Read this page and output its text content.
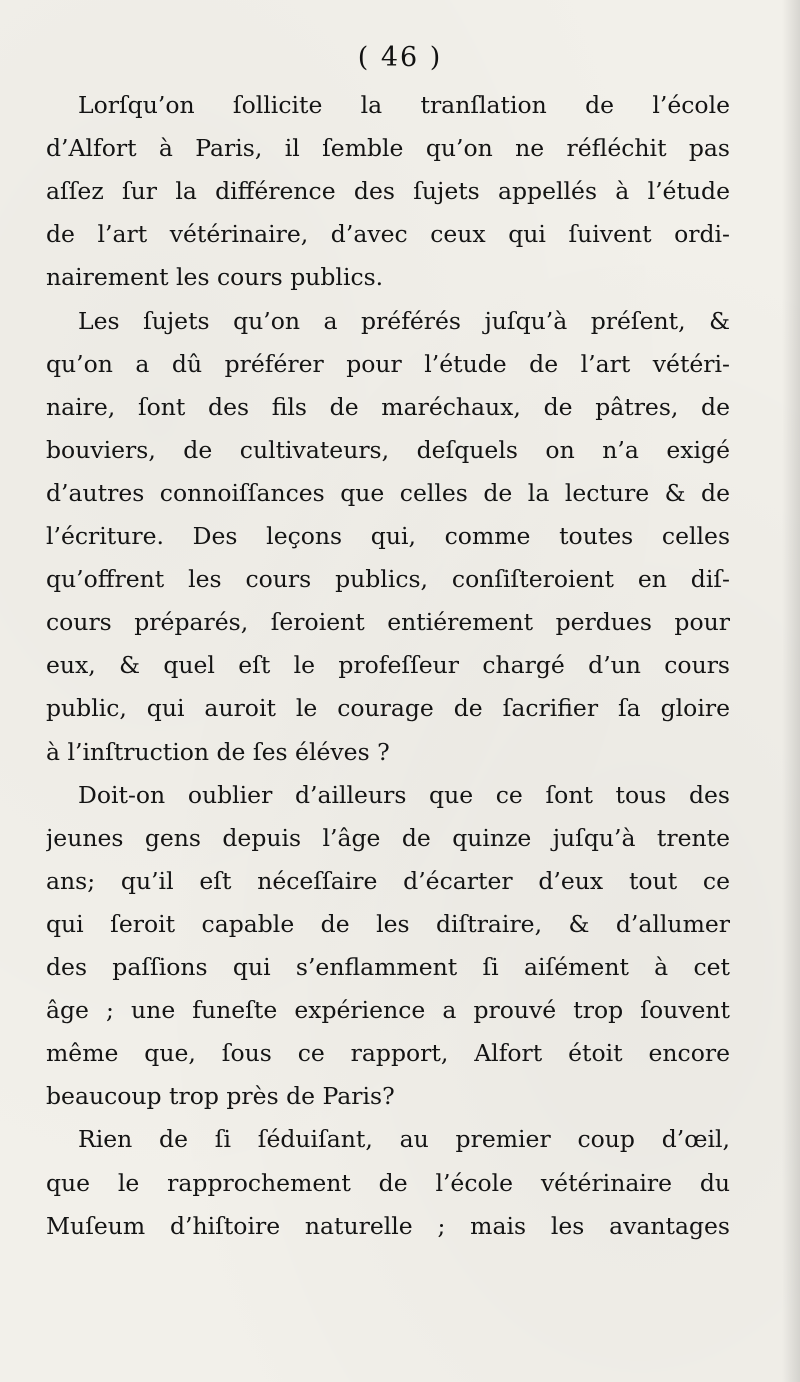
( 46 )
Lorſqu’on ſollicite la tranſlation de l’école
d’Alfort à Paris, il ſemble qu’on ne réfléchit pas
aſſez ſur la différence des ſujets appellés à l’étude
de l’art vétérinaire, d’avec ceux qui ſuivent ordi-
nairement les cours publics.
Les ſujets qu’on a préférés juſqu’à préſent, &
qu’on a dû préférer pour l’étude de l’art vétéri-
naire, ſont des fils de maréchaux, de pâtres, de
bouviers, de cultivateurs, deſquels on n’a exigé
d’autres connoiſſances que celles de la lecture & de
l’écriture. Des leçons qui, comme toutes celles
qu’offrent les cours publics, conſiſteroient en diſ-
cours préparés, ſeroient entiérement perdues pour
eux, & quel eſt le profeſſeur chargé d’un cours
public, qui auroit le courage de ſacrifier ſa gloire
à l’inſtruction de ſes éléves ?
Doit-on oublier d’ailleurs que ce ſont tous des
jeunes gens depuis l’âge de quinze juſqu’à trente
ans; qu’il eſt néceſſaire d’écarter d’eux tout ce
qui ſeroit capable de les diſtraire, & d’allumer
des paſſions qui s’enflamment ſi aiſément à cet
âge ; une funeſte expérience a prouvé trop ſouvent
même que, ſous ce rapport, Alfort étoit encore
beaucoup trop près de Paris?
Rien de ſi ſéduiſant, au premier coup d’œil,
que le rapprochement de l’école vétérinaire du
Muſeum d’hiſtoire naturelle ; mais les avantages
